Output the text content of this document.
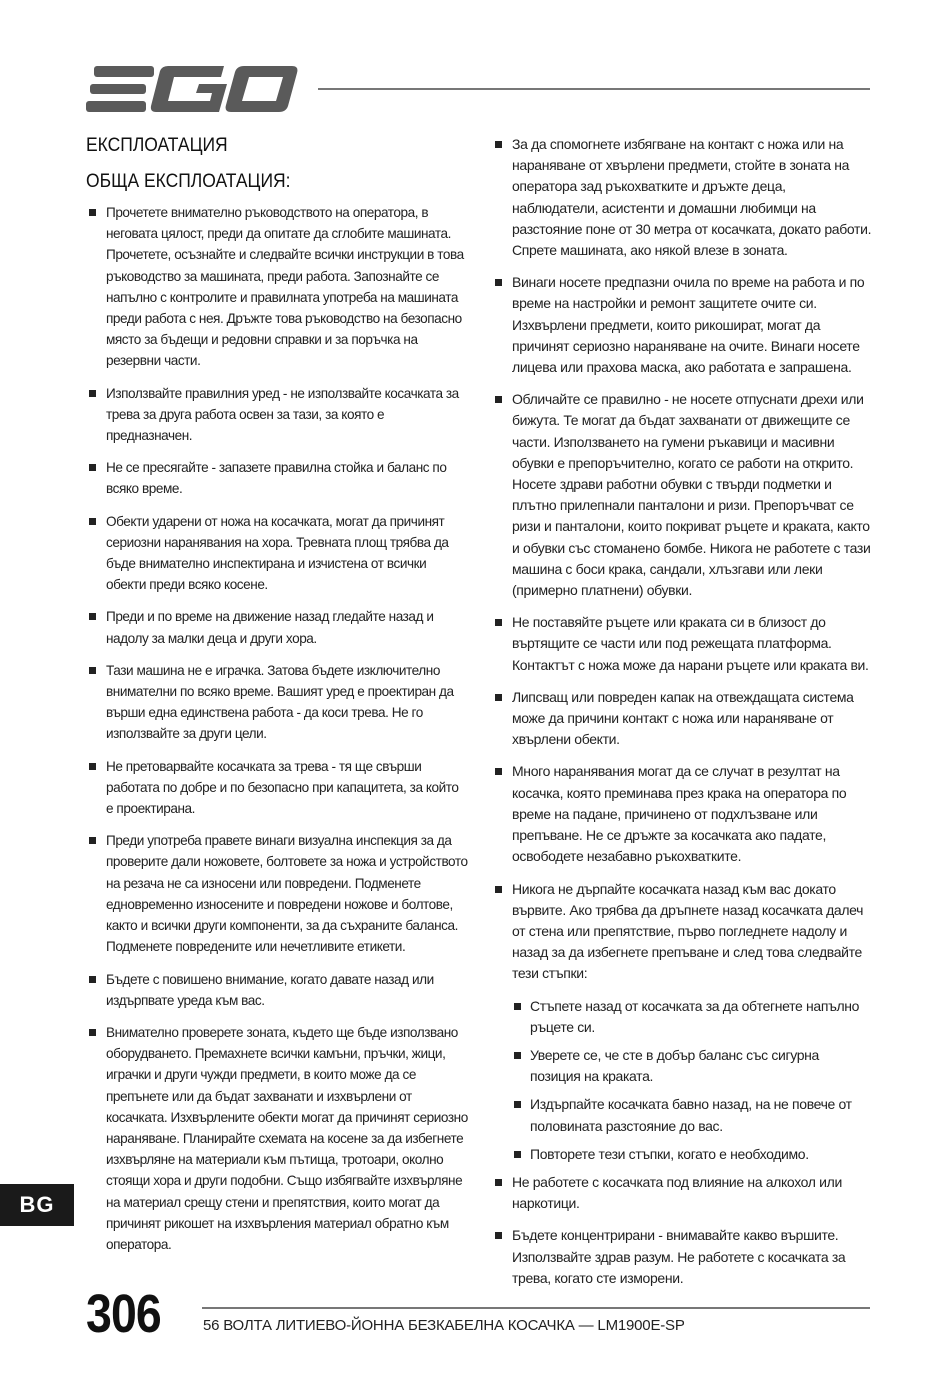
ЕКСПЛОАТАЦИЯ
ОБЩА ЕКСПЛОАТАЦИЯ:
Прочетете внимателно ръководството на оператора, в неговата цялост, преди да опитате да сглобите машината. Прочетете, осъзнайте и следвайте всички инструкции в това ръководство за машината, преди работа. Запознайте се напълно с контролите и правилната употреба на машината преди работа с нея. Дръжте това ръководство на безопасно място за бъдещи и редовни справки и за поръчка на резервни части.
Използвайте правилния уред - не използвайте косачката за трева за друга работа освен за тази, за която е предназначен.
Не се пресягайте - запазете правилна стойка и баланс по всяко време.
Обекти ударени от ножа на косачката, могат да причинят сериозни наранявания на хора. Тревната площ трябва да бъде внимателно инспектирана и изчистена от всички обекти преди всяко косене.
Преди и по време на движение назад гледайте назад и надолу за малки деца и други хора.
Тази машина не е играчка. Затова бъдете изключително внимателни по всяко време. Вашият уред е проектиран да върши една единствена работа - да коси трева. Не го използвайте за други цели.
Не претоварвайте косачката за трева - тя ще свърши работата по добре и по безопасно при капацитета, за който е проектирана.
Преди употреба правете винаги визуална инспекция за да проверите дали ножовете, болтовете за ножа и устройството на резача не са износени или повредени. Подменете едновременно износените и повредени ножове и болтове, както и всички други компоненти, за да съхраните баланса. Подменете повредените или нечетливите етикети.
Бъдете с повишено внимание, когато давате назад или издърпвате уреда към вас.
Внимателно проверете зоната, където ще бъде използвано оборудването. Премахнете всички камъни, пръчки, жици, играчки и други чужди предмети, в които може да се препънете или да бъдат захванати и изхвърлени от косачката. Изхвърлените обекти могат да причинят сериозно нараняване. Планирайте схемата на косене за да избегнете изхвърляне на материали към пътища, тротоари, околно стоящи хора и други подобни. Също избягвайте изхвърляне на материал срещу стени и препятствия, които могат да причинят рикошет на изхвърления материал обратно към оператора.
За да спомогнете избягване на контакт с ножа или на нараняване от хвърлени предмети, стойте в зоната на оператора зад ръкохватките и дръжте деца, наблюдатели, асистенти и домашни любимци на разстояние поне от 30 метра от косачката, докато работи. Спрете машината, ако някой влезе в зоната.
Винаги носете предпазни очила по време на работа и по време на настройки и ремонт защитете очите си. Изхвърлени предмети, които рикошират, могат да причинят сериозно нараняване на очите. Винаги носете лицева или прахова маска, ако работата е запрашена.
Обличайте се правилно - не носете отпуснати дрехи или бижута. Те могат да бъдат захванати от движещите се части. Използването на гумени ръкавици и масивни обувки е препоръчително, когато се работи на открито. Носете здрави работни обувки с твърди подметки и плътно прилепнали панталони и ризи. Препоръчват се ризи и панталони, които покриват ръцете и краката, както и обувки със стоманено бомбе. Никога не работете с тази машина с боси крака, сандали, хлъзгави или леки (примерно платнени) обувки.
Не поставяйте ръцете или краката си в близост до въртящите се части или под режещата платформа. Контактът с ножа може да нарани ръцете или краката ви.
Липсващ или повреден капак на отвеждащата система може да причини контакт с ножа или нараняване от хвърлени обекти.
Много наранявания могат да се случат в резултат на косачка, която преминава през крака на оператора по време на падане, причинено от подхлъзване или препъване. Не се дръжте за косачката ако падате, освободете незабавно ръкохватките.
Никога не дърпайте косачката назад към вас докато вървите. Ако трябва да дръпнете назад косачката далеч от стена или препятствие, първо погледнете надолу и назад за да избегнете препъване и след това следвайте тези стъпки:
Стъпете назад от косачката за да обтегнете напълно ръцете си.
Уверете се, че сте в добър баланс със сигурна позиция на краката.
Издърпайте косачката бавно назад, на не повече от половината разстояние до вас.
Повторете тези стъпки, когато е необходимо.
Не работете с косачката под влияние на алкохол или наркотици.
Бъдете концентрирани - внимавайте какво вършите. Използвайте здрав разум. Не работете с косачката за трева, когато сте изморени.
BG
306	56 ВОЛТА ЛИТИЕВО-ЙОННА БЕЗКАБЕЛНА КОСАЧКА — LM1900E-SP
